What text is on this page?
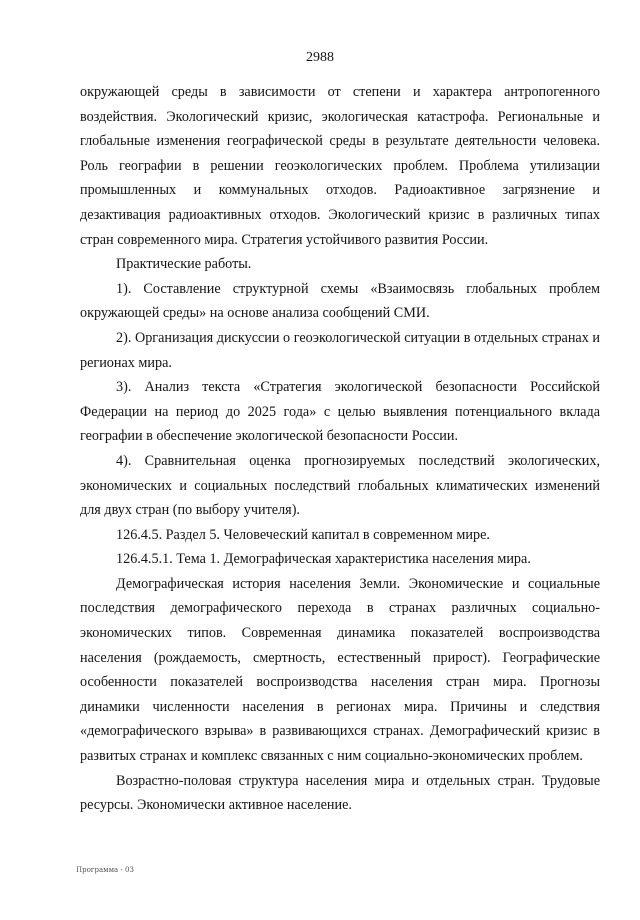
2988

окружающей среды в зависимости от степени и характера антропогенного воздействия. Экологический кризис, экологическая катастрофа. Региональные и глобальные изменения географической среды в результате деятельности человека. Роль географии в решении геоэкологических проблем. Проблема утилизации промышленных и коммунальных отходов. Радиоактивное загрязнение и дезактивация радиоактивных отходов. Экологический кризис в различных типах стран современного мира. Стратегия устойчивого развития России.

Практические работы.

1). Составление структурной схемы «Взаимосвязь глобальных проблем окружающей среды» на основе анализа сообщений СМИ.

2). Организация дискуссии о геоэкологической ситуации в отдельных странах и регионах мира.

3). Анализ текста «Стратегия экологической безопасности Российской Федерации на период до 2025 года» с целью выявления потенциального вклада географии в обеспечение экологической безопасности России.

4). Сравнительная оценка прогнозируемых последствий экологических, экономических и социальных последствий глобальных климатических изменений для двух стран (по выбору учителя).

126.4.5. Раздел 5. Человеческий капитал в современном мире.

126.4.5.1. Тема 1. Демографическая характеристика населения мира.

Демографическая история населения Земли. Экономические и социальные последствия демографического перехода в странах различных социально-экономических типов. Современная динамика показателей воспроизводства населения (рождаемость, смертность, естественный прирост). Географические особенности показателей воспроизводства населения стран мира. Прогнозы динамики численности населения в регионах мира. Причины и следствия «демографического взрыва» в развивающихся странах. Демографический кризис в развитых странах и комплекс связанных с ним социально-экономических проблем.

Возрастно-половая структура населения мира и отдельных стран. Трудовые ресурсы. Экономически активное население.

Программа - 03
